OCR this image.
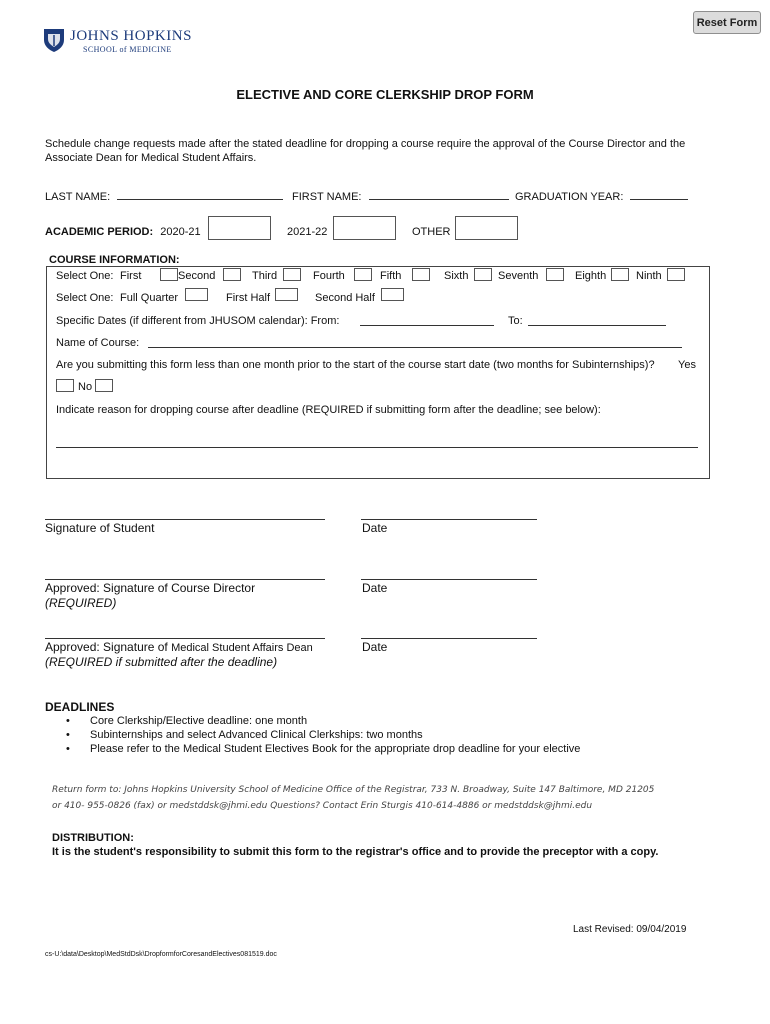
Reset Form
JOHNS HOPKINS
SCHOOL of MEDICINE
ELECTIVE AND CORE CLERKSHIP DROP FORM
Schedule change requests made after the stated deadline for dropping a course require the approval of the Course Director and the Associate Dean for Medical Student Affairs.
LAST NAME:	FIRST NAME:	GRADUATION YEAR:
ACADEMIC PERIOD: 2020-21	2021-22	OTHER
COURSE INFORMATION:
Select One: First	Second	Third	Fourth	Fifth	Sixth	Seventh	Eighth	Ninth
Select One: Full Quarter	First Half	Second Half
Specific Dates (if different from JHUSOM calendar): From:	To:
Name of Course:
Are you submitting this form less than one month prior to the start of the course start date (two months for Subinternships)? Yes
No
Indicate reason for dropping course after deadline (REQUIRED if submitting form after the deadline; see below):
Signature of Student	Date
Approved: Signature of Course Director	Date
(REQUIRED)
Approved: Signature of Medical Student Affairs Dean	Date
(REQUIRED if submitted after the deadline)
DEADLINES
• Core Clerkship/Elective deadline: one month
• Subinternships and select Advanced Clinical Clerkships: two months
• Please refer to the Medical Student Electives Book for the appropriate drop deadline for your elective
Return form to: Johns Hopkins University School of Medicine Office of the Registrar, 733 N. Broadway, Suite 147 Baltimore, MD 21205
or 410- 955-0826 (fax) or medstddsk@jhmi.edu Questions? Contact Erin Sturgis 410-614-4886 or medstddsk@jhmi.edu
DISTRIBUTION:
It is the student's responsibility to submit this form to the registrar's office and to provide the preceptor with a copy.
Last Revised: 09/04/2019
cs-U:\data\Desktop\MedStdDsk\DropformforCoresandElectives081519.doc
